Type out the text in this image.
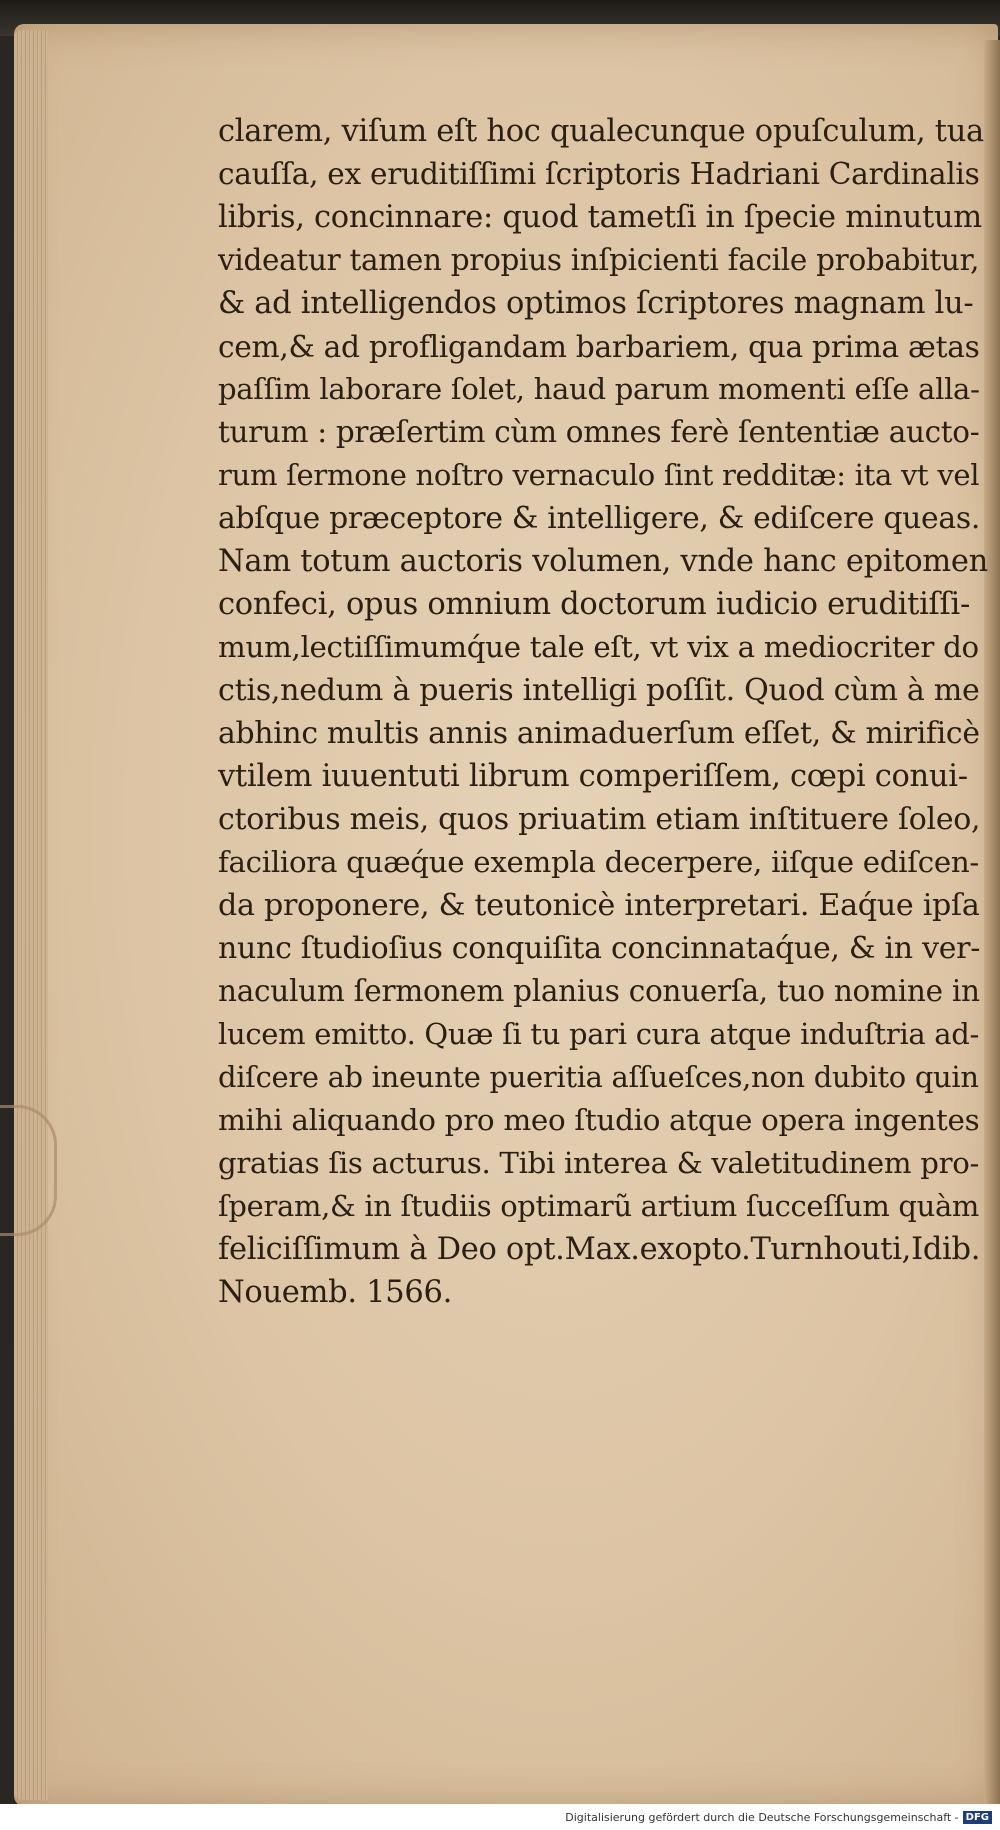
clarem, viſum eſt hoc qualecunque opuſculum, tua
cauſſa, ex eruditiſſimi ſcriptoris Hadriani Cardinalis
libris, concinnare: quod tametſi in ſpecie minutum
videatur tamen propius inſpicienti facile probabitur,
& ad intelligendos optimos ſcriptores magnam lu-
cem,& ad profligandam barbariem, qua prima ætas
paſſim laborare ſolet, haud parum momenti eſſe allа-
turum : præſertim cùm omnes ferè ſententiæ aucto-
rum ſermone noſtro vernaculo ſint redditæ: ita vt vel
abſque præceptore & intelligere, & ediſcere queas.
Nam totum auctoris volumen, vnde hanc epitomen
confeci, opus omnium doctorum iudicio eruditiſſi-
mum,lectiſſimumq́ue tale eſt, vt vix a mediocriter do
ctis,nedum à pueris intelligi poſſit. Quod cùm à me
abhinc multis annis animaduerſum eſſet, & mirificè
vtilem iuuentuti librum comperiſſem, cœpi conui-
ctoribus meis, quos priuatim etiam inſtituere ſoleo,
faciliora quæq́ue exempla decerpere, iiſque ediſcen-
da proponere, & teutonicè interpretari. Eaq́ue ipſa
nunc ſtudioſius conquiſita concinnataq́ue, & in ver-
naculum ſermonem planius conuerſa, tuo nomine in
lucem emitto. Quæ ſi tu pari cura atque induſtria ad-
diſcere ab ineunte pueritia aſſueſces,non dubito quin
mihi aliquando pro meo ſtudio atque opera ingentes
gratias ſis acturus. Tibi interea & valetitudinem pro-
ſperam,& in ſtudiis optimarũ artium ſucceſſum quàm
feliciſſimum à Deo opt.Max.exopto.Turnhouti,Idib.
Nouemb. 1566.
Digitalisierung gefördert durch die Deutsche Forschungsgemeinschaft - DFG
